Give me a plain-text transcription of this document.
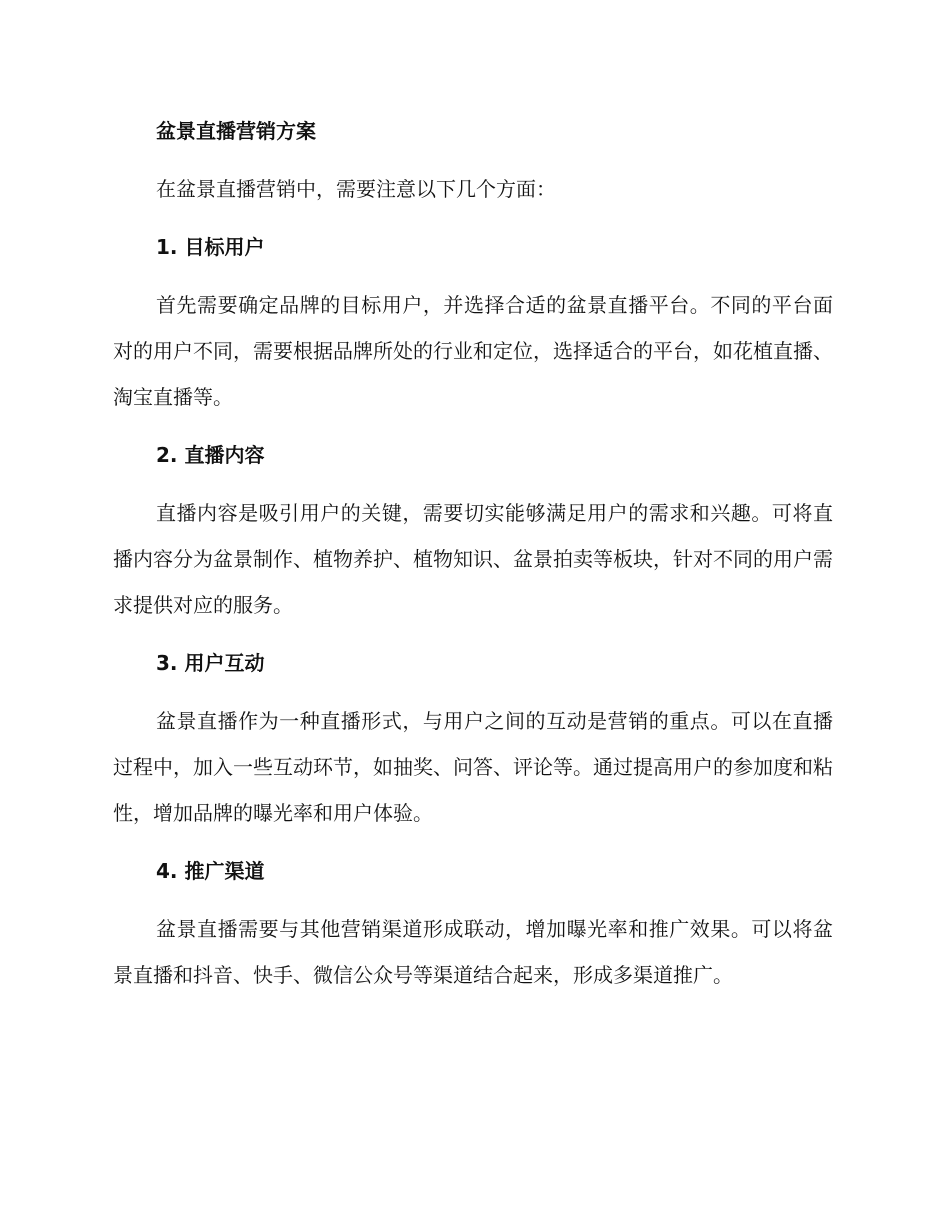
盆景直播营销方案

在盆景直播营销中，需要注意以下几个方面：

1. 目标用户

首先需要确定品牌的目标用户，并选择合适的盆景直播平台。不同的平台面对的用户不同，需要根据品牌所处的行业和定位，选择适合的平台，如花植直播、淘宝直播等。

2. 直播内容

直播内容是吸引用户的关键，需要切实能够满足用户的需求和兴趣。可将直播内容分为盆景制作、植物养护、植物知识、盆景拍卖等板块，针对不同的用户需求提供对应的服务。

3. 用户互动

盆景直播作为一种直播形式，与用户之间的互动是营销的重点。可以在直播过程中，加入一些互动环节，如抽奖、问答、评论等。通过提高用户的参加度和粘性，增加品牌的曝光率和用户体验。

4. 推广渠道

盆景直播需要与其他营销渠道形成联动，增加曝光率和推广效果。可以将盆景直播和抖音、快手、微信公众号等渠道结合起来，形成多渠道推广。
